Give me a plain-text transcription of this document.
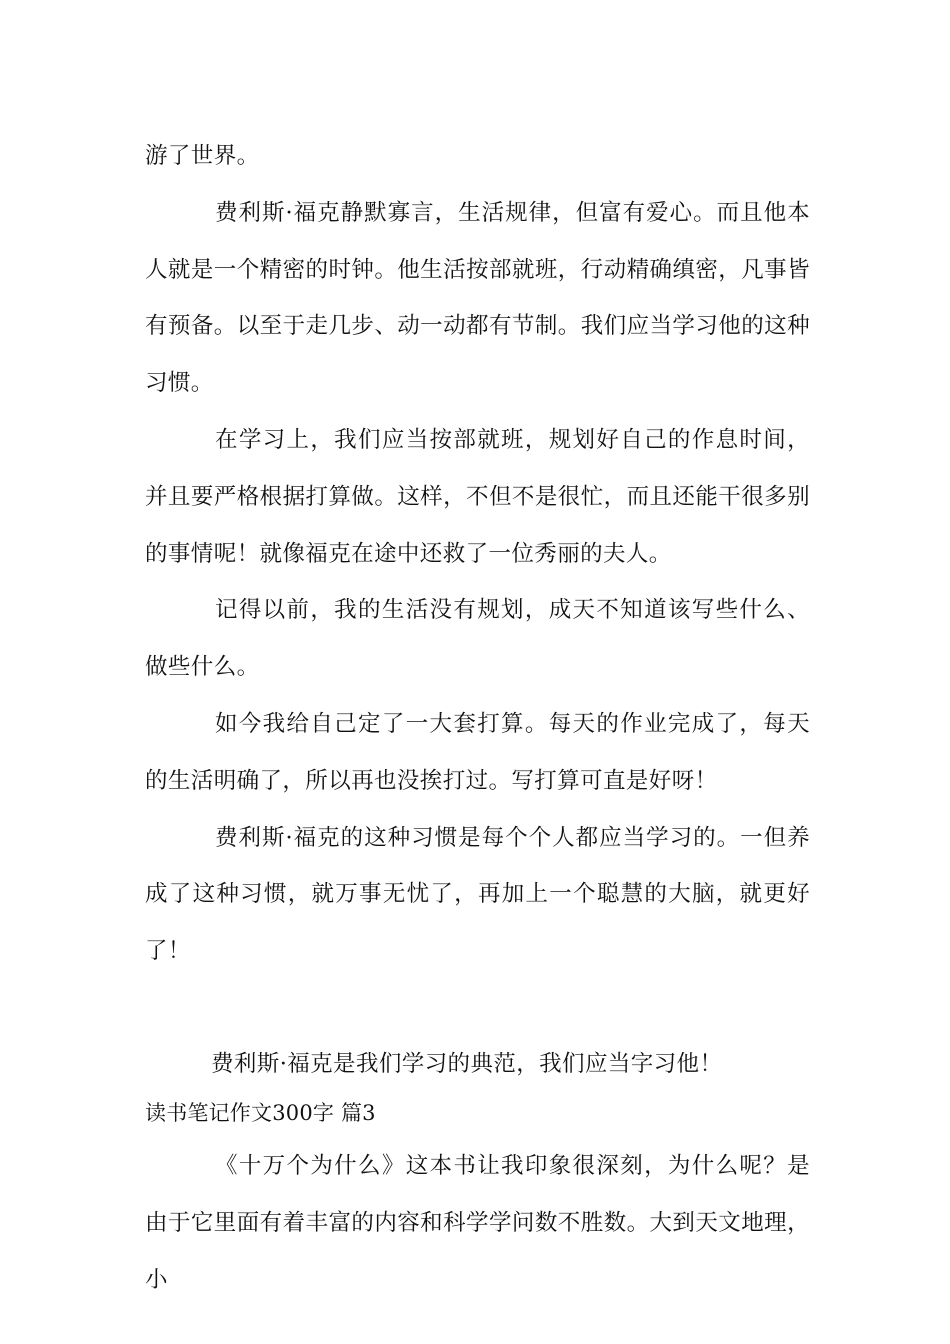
游了世界。

费利斯·福克静默寡言，生活规律，但富有爱心。而且他本人就是一个精密的时钟。他生活按部就班，行动精确缜密，凡事皆有预备。以至于走几步、动一动都有节制。我们应当学习他的这种习惯。

在学习上，我们应当按部就班，规划好自己的作息时间，并且要严格根据打算做。这样，不但不是很忙，而且还能干很多别的事情呢！就像福克在途中还救了一位秀丽的夫人。

记得以前，我的生活没有规划，成天不知道该写些什么、做些什么。

如今我给自己定了一大套打算。每天的作业完成了，每天的生活明确了，所以再也没挨打过。写打算可直是好呀！

费利斯·福克的这种习惯是每个个人都应当学习的。一但养成了这种习惯，就万事无忧了，再加上一个聪慧的大脑，就更好了！

费利斯·福克是我们学习的典范，我们应当字习他！

读书笔记作文300字 篇3

《十万个为什么》这本书让我印象很深刻，为什么呢？是由于它里面有着丰富的内容和科学学问数不胜数。大到天文地理，小
